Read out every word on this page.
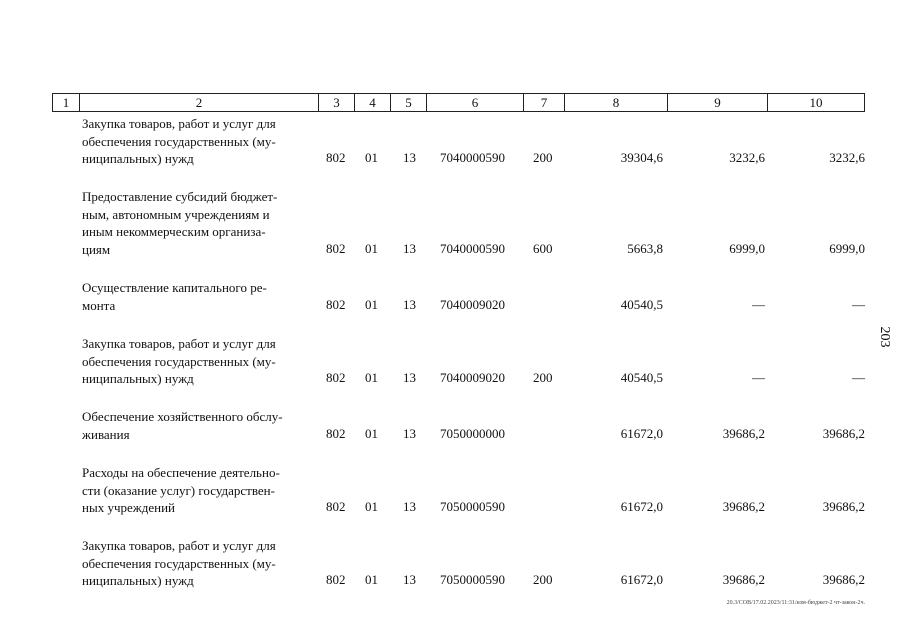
1	2	3	4	5	6	7	8	9	10
Закупка товаров, работ и услуг для
обеспечения государственных (му-
ниципальных) нужд	802 01 13 7040000590 200	39304,6	3232,6	3232,6
Предоставление субсидий бюджет-
ным, автономным учреждениям и
иным некоммерческим организа-
циям	802 01 13 7040000590 600	5663,8	6999,0	6999,0
Осуществление капитального ре-
монта	802 01 13 7040009020	40540,5	—	—
Закупка товаров, работ и услуг для
обеспечения государственных (му-
ниципальных) нужд	802 01 13 7040009020 200	40540,5	—	—
Обеспечение хозяйственного обслу-
живания	802 01 13 7050000000	61672,0	39686,2	39686,2
Расходы на обеспечение деятельно-
сти (оказание услуг) государствен-
ных учреждений	802 01 13 7050000590	61672,0	39686,2	39686,2
Закупка товаров, работ и услуг для
обеспечения государственных (му-
ниципальных) нужд	802 01 13 7050000590 200	61672,0	39686,2	39686,2
203
20.3/СОВ/17.02.2023/11:31/изм-бюджет-2 чт-закон-2ч.
